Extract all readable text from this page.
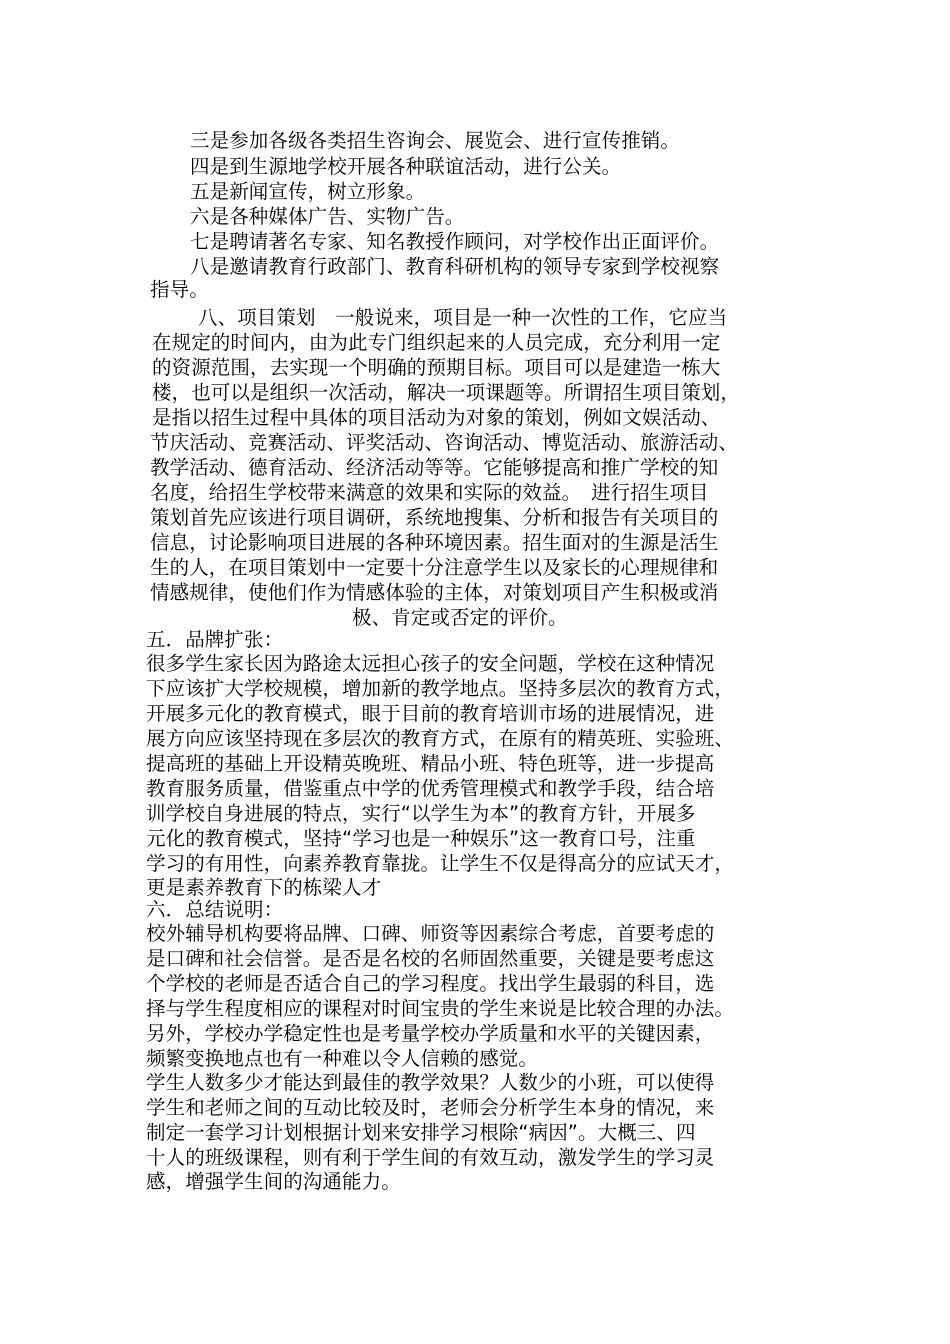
三是参加各级各类招生咨询会、展览会、进行宣传推销。
四是到生源地学校开展各种联谊活动，进行公关。
五是新闻宣传，树立形象。
六是各种媒体广告、实物广告。
七是聘请著名专家、知名教授作顾问，对学校作出正面评价。
八是邀请教育行政部门、教育科研机构的领导专家到学校视察
指导。
八、项目策划　一般说来，项目是一种一次性的工作，它应当
在规定的时间内，由为此专门组织起来的人员完成，充分利用一定
的资源范围，去实现一个明确的预期目标。项目可以是建造一栋大
楼，也可以是组织一次活动，解决一项课题等。所谓招生项目策划，
是指以招生过程中具体的项目活动为对象的策划，例如文娱活动、
节庆活动、竞赛活动、评奖活动、咨询活动、博览活动、旅游活动、
教学活动、德育活动、经济活动等等。它能够提高和推广学校的知
名度，给招生学校带来满意的效果和实际的效益。　进行招生项目
策划首先应该进行项目调研，系统地搜集、分析和报告有关项目的
信息，讨论影响项目进展的各种环境因素。招生面对的生源是活生
生的人，在项目策划中一定要十分注意学生以及家长的心理规律和
情感规律，使他们作为情感体验的主体，对策划项目产生积极或消
极、肯定或否定的评价。
五．品牌扩张：
很多学生家长因为路途太远担心孩子的安全问题，学校在这种情况
下应该扩大学校规模，增加新的教学地点。坚持多层次的教育方式，
开展多元化的教育模式，眼于目前的教育培训市场的进展情况，进
展方向应该坚持现在多层次的教育方式，在原有的精英班、实验班、
提高班的基础上开设精英晚班、精品小班、特色班等，进一步提高
教育服务质量，借鉴重点中学的优秀管理模式和教学手段，结合培
训学校自身进展的特点，实行“以学生为本”的教育方针，开展多
元化的教育模式，坚持“学习也是一种娱乐”这一教育口号，注重
学习的有用性，向素养教育靠拢。让学生不仅是得高分的应试天才，
更是素养教育下的栋梁人才
六．总结说明：
校外辅导机构要将品牌、口碑、师资等因素综合考虑，首要考虑的
是口碑和社会信誉。是否是名校的名师固然重要，关键是要考虑这
个学校的老师是否适合自己的学习程度。找出学生最弱的科目，选
择与学生程度相应的课程对时间宝贵的学生来说是比较合理的办法。
另外，学校办学稳定性也是考量学校办学质量和水平的关键因素，
频繁变换地点也有一种难以令人信赖的感觉。
学生人数多少才能达到最佳的教学效果？人数少的小班，可以使得
学生和老师之间的互动比较及时，老师会分析学生本身的情况，来
制定一套学习计划根据计划来安排学习根除“病因”。大概三、四
十人的班级课程，则有利于学生间的有效互动，激发学生的学习灵
感，增强学生间的沟通能力。
